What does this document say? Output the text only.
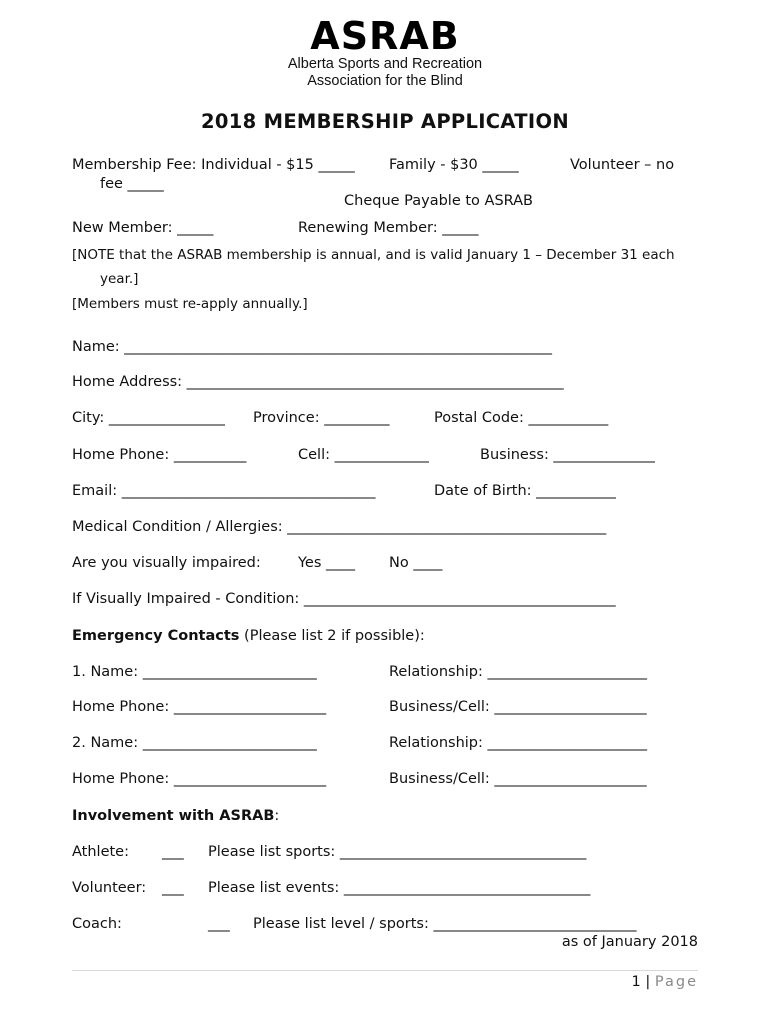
ASRAB
Alberta Sports and Recreation
Association for the Blind
2018 MEMBERSHIP APPLICATION
Membership Fee: Individual - $15 _____ Family - $30 _____	Volunteer – no
fee _____
Cheque Payable to ASRAB
New Member: _____	Renewing Member: _____
[NOTE that the ASRAB membership is annual, and is valid January 1 – December 31 each
year.]
[Members must re-apply annually.]
Name: ___________________________________________________________
Home Address: ____________________________________________________
City: ________________ Province: _________	Postal Code: ___________
Home Phone: __________	Cell: _____________	Business: ______________
Email: ___________________________________	Date of Birth: ___________
Medical Condition / Allergies: ____________________________________________
Are you visually impaired:	Yes ____ No ____
If Visually Impaired - Condition: ___________________________________________
Emergency Contacts (Please list 2 if possible):
1. Name: ________________________	Relationship: ______________________
Home Phone: _____________________	Business/Cell: _____________________
2. Name: ________________________	Relationship: ______________________
Home Phone: _____________________	Business/Cell: _____________________
Involvement with ASRAB:
Athlete: ___ Please list sports: __________________________________
Volunteer: ___ Please list events: __________________________________
Coach:	___ Please list level / sports: ____________________________
as of January 2018
1 | Page
